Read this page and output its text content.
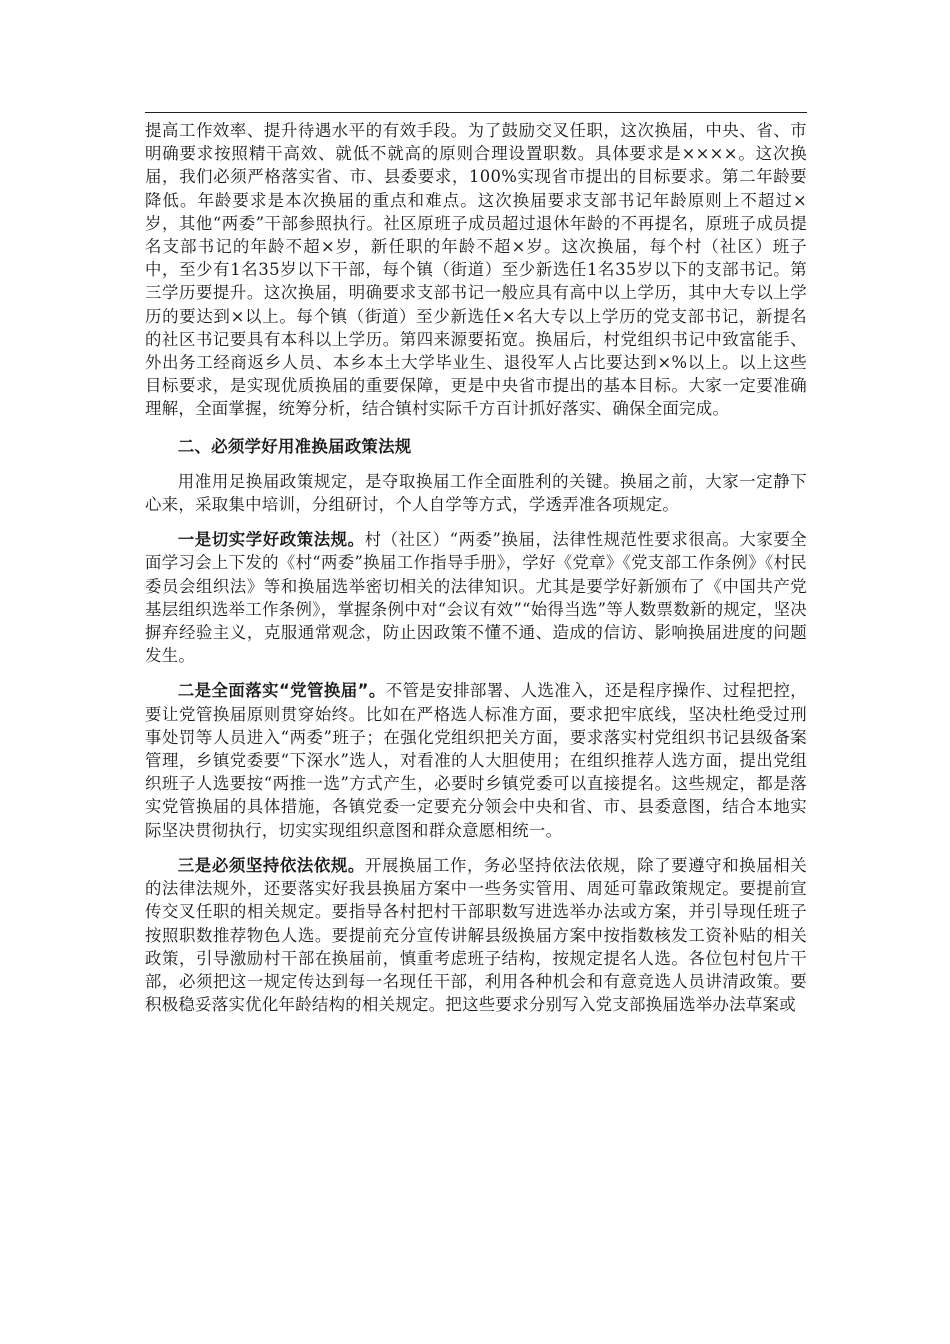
提高工作效率、提升待遇水平的有效手段。为了鼓励交叉任职，这次换届，中央、省、市明确要求按照精干高效、就低不就高的原则合理设置职数。具体要求是××××。这次换届，我们必须严格落实省、市、县委要求，100%实现省市提出的目标要求。第二年龄要降低。年龄要求是本次换届的重点和难点。这次换届要求支部书记年龄原则上不超过×岁，其他“两委”干部参照执行。社区原班子成员超过退休年龄的不再提名，原班子成员提名支部书记的年龄不超×岁，新任职的年龄不超×岁。这次换届，每个村（社区）班子中，至少有1名35岁以下干部，每个镇（街道）至少新选任1名35岁以下的支部书记。第三学历要提升。这次换届，明确要求支部书记一般应具有高中以上学历，其中大专以上学历的要达到×以上。每个镇（街道）至少新选任×名大专以上学历的党支部书记，新提名的社区书记要具有本科以上学历。第四来源要拓宽。换届后，村党组织书记中致富能手、外出务工经商返乡人员、本乡本土大学毕业生、退役军人占比要达到×%以上。以上这些目标要求，是实现优质换届的重要保障，更是中央省市提出的基本目标。大家一定要准确理解，全面掌握，统筹分析，结合镇村实际千方百计抓好落实、确保全面完成。

二、必须学好用准换届政策法规

用准用足换届政策规定，是夺取换届工作全面胜利的关键。换届之前，大家一定静下心来，采取集中培训，分组研讨，个人自学等方式，学透弄准各项规定。

一是切实学好政策法规。村（社区）“两委”换届，法律性规范性要求很高。大家要全面学习会上下发的《村“两委”换届工作指导手册》，学好《党章》《党支部工作条例》《村民委员会组织法》等和换届选举密切相关的法律知识。尤其是要学好新颁布了《中国共产党基层组织选举工作条例》，掌握条例中对“会议有效”“始得当选”等人数票数新的规定，坚决摒弃经验主义，克服通常观念，防止因政策不懂不通、造成的信访、影响换届进度的问题发生。

二是全面落实“党管换届”。不管是安排部署、人选准入，还是程序操作、过程把控，要让党管换届原则贯穿始终。比如在严格选人标准方面，要求把牢底线，坚决杜绝受过刑事处罚等人员进入“两委”班子；在强化党组织把关方面，要求落实村党组织书记县级备案管理，乡镇党委要“下深水”选人，对看准的人大胆使用；在组织推荐人选方面，提出党组织班子人选要按“两推一选”方式产生，必要时乡镇党委可以直接提名。这些规定，都是落实党管换届的具体措施，各镇党委一定要充分领会中央和省、市、县委意图，结合本地实际坚决贯彻执行，切实实现组织意图和群众意愿相统一。

三是必须坚持依法依规。开展换届工作，务必坚持依法依规，除了要遵守和换届相关的法律法规外，还要落实好我县换届方案中一些务实管用、周延可靠政策规定。要提前宣传交叉任职的相关规定。要指导各村把村干部职数写进选举办法或方案，并引导现任班子按照职数推荐物色人选。要提前充分宣传讲解县级换届方案中按指数核发工资补贴的相关政策，引导激励村干部在换届前，慎重考虑班子结构，按规定提名人选。各位包村包片干部，必须把这一规定传达到每一名现任干部，利用各种机会和有意竞选人员讲清政策。要积极稳妥落实优化年龄结构的相关规定。把这些要求分别写入党支部换届选举办法草案或
